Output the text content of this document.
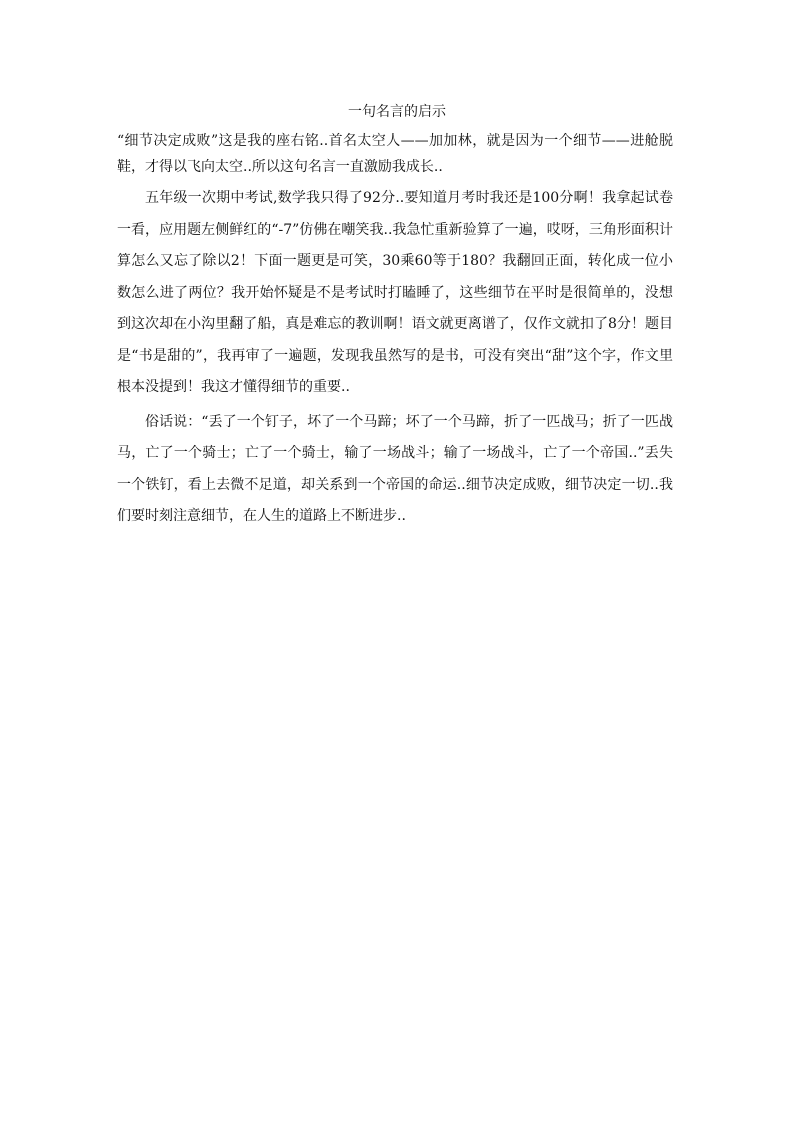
一句名言的启示

“细节决定成败”这是我的座右铭..首名太空人——加加林，就是因为一个细节——进舱脱鞋，才得以飞向太空..所以这句名言一直激励我成长..

五年级一次期中考试,数学我只得了92分..要知道月考时我还是100分啊！我拿起试卷一看，应用题左侧鲜红的“-7”仿佛在嘲笑我..我急忙重新验算了一遍，哎呀，三角形面积计算怎么又忘了除以2！下面一题更是可笑，30乘60等于180？我翻回正面，转化成一位小数怎么进了两位？我开始怀疑是不是考试时打瞌睡了，这些细节在平时是很简单的，没想到这次却在小沟里翻了船，真是难忘的教训啊！语文就更离谱了，仅作文就扣了8分！题目是“书是甜的”，我再审了一遍题，发现我虽然写的是书，可没有突出“甜”这个字，作文里根本没提到！我这才懂得细节的重要..

俗话说：“丢了一个钉子，坏了一个马蹄；坏了一个马蹄，折了一匹战马；折了一匹战马，亡了一个骑士；亡了一个骑士，输了一场战斗；输了一场战斗，亡了一个帝国..”丢失一个铁钉，看上去微不足道，却关系到一个帝国的命运..细节决定成败，细节决定一切..我们要时刻注意细节，在人生的道路上不断进步..
